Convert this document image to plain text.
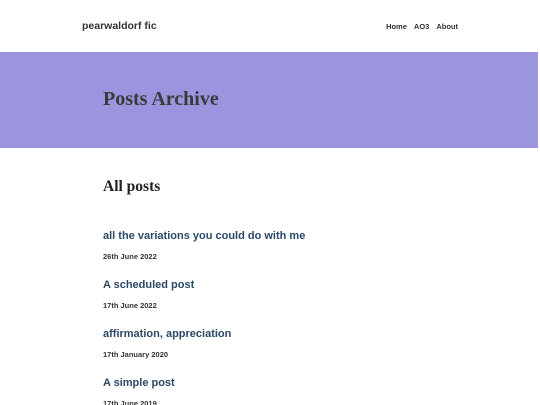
pearwaldorf fic	Home AO3 About
Posts Archive
All posts
all the variations you could do with me
26th June 2022
A scheduled post
17th June 2022
affirmation, appreciation
17th January 2020
A simple post
17th June 2019
